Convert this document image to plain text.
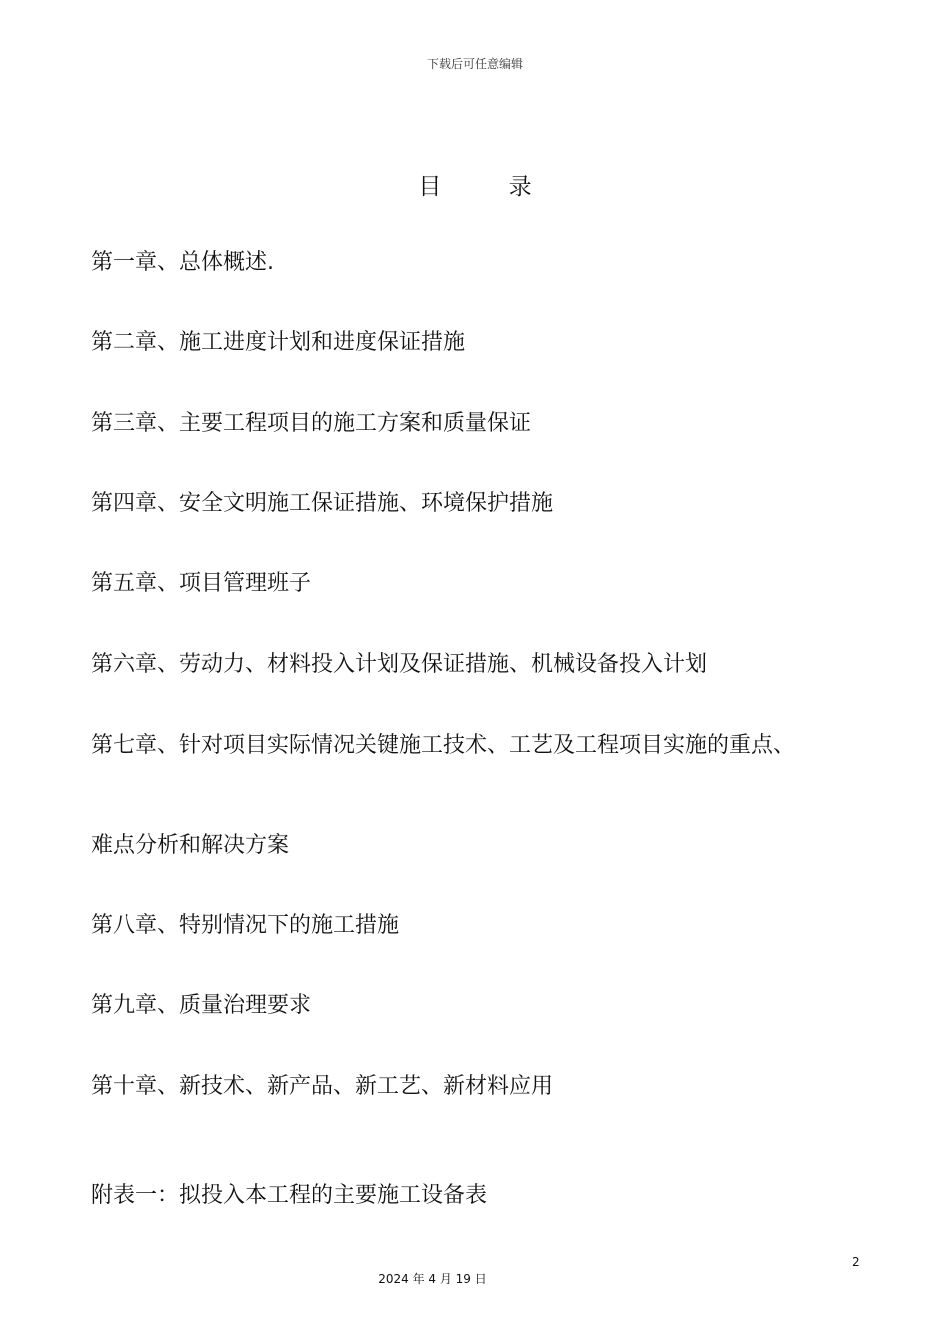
下载后可任意编辑
目 录
第一章、总体概述.
第二章、施工进度计划和进度保证措施
第三章、主要工程项目的施工方案和质量保证
第四章、安全文明施工保证措施、环境保护措施
第五章、项目管理班子
第六章、劳动力、材料投入计划及保证措施、机械设备投入计划
第七章、针对项目实际情况关键施工技术、工艺及工程项目实施的重点、
难点分析和解决方案
第八章、特别情况下的施工措施
第九章、质量治理要求
第十章、新技术、新产品、新工艺、新材料应用
附表一：拟投入本工程的主要施工设备表
2
2024 年 4 月 19 日
